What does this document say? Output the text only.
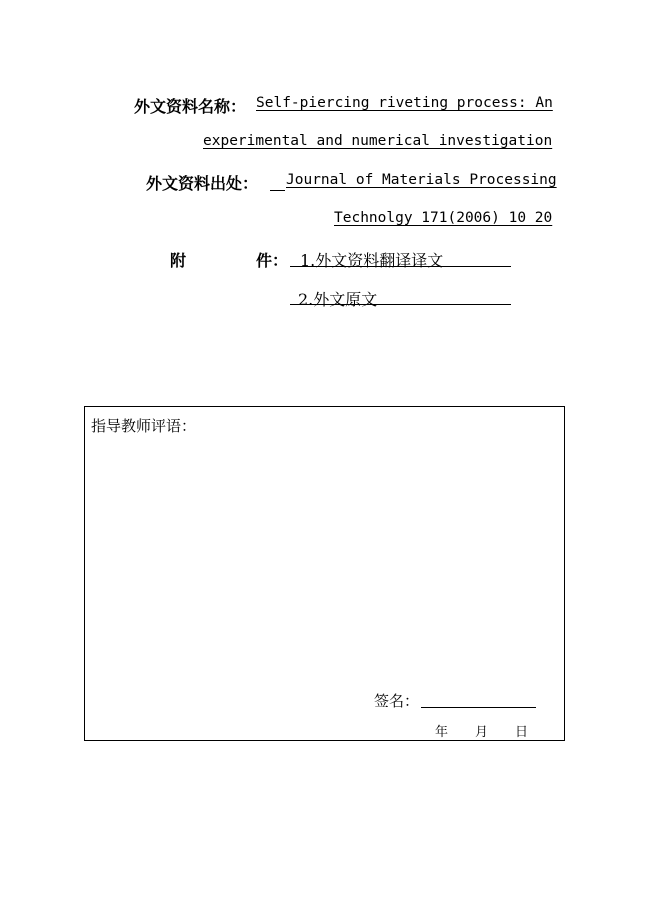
外文资料名称： Self-piercing riveting process: An
experimental and numerical investigation
外文资料出处： Journal of Materials Processing
Technolgy 171(2006) 10 20
附	件： 1.外文资料翻译译文
2.外文原文
指导教师评语：
签名：
年 月 日
